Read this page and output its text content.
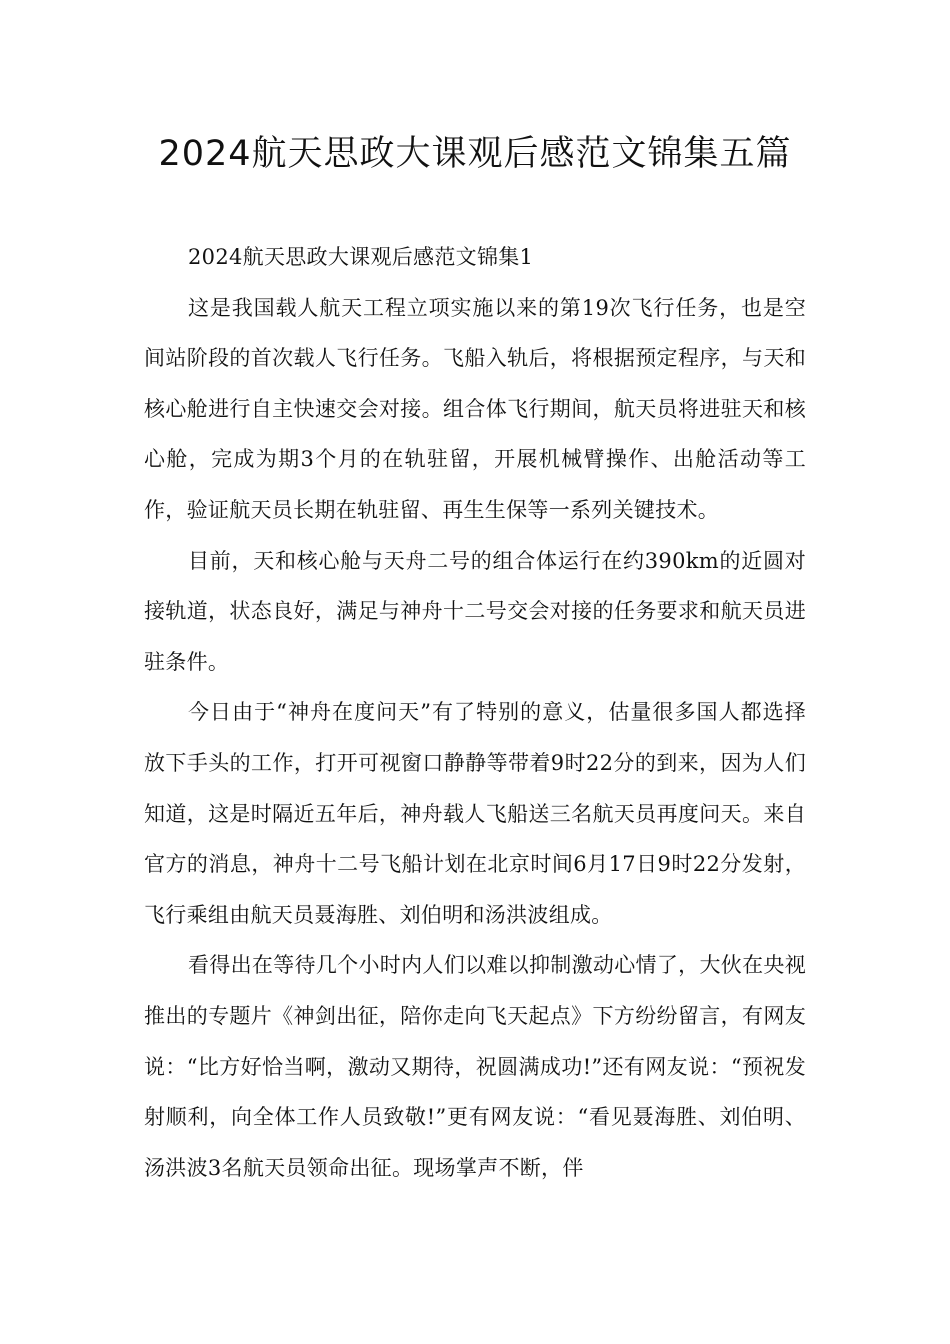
2024航天思政大课观后感范文锦集五篇

2024航天思政大课观后感范文锦集1

这是我国载人航天工程立项实施以来的第19次飞行任务，也是空间站阶段的首次载人飞行任务。飞船入轨后，将根据预定程序，与天和核心舱进行自主快速交会对接。组合体飞行期间，航天员将进驻天和核心舱，完成为期3个月的在轨驻留，开展机械臂操作、出舱活动等工作，验证航天员长期在轨驻留、再生生保等一系列关键技术。

目前，天和核心舱与天舟二号的组合体运行在约390km的近圆对接轨道，状态良好，满足与神舟十二号交会对接的任务要求和航天员进驻条件。

今日由于“神舟在度问天”有了特别的意义，估量很多国人都选择放下手头的工作，打开可视窗口静静等带着9时22分的到来，因为人们知道，这是时隔近五年后，神舟载人飞船送三名航天员再度问天。来自官方的消息，神舟十二号飞船计划在北京时间6月17日9时22分发射，飞行乘组由航天员聂海胜、刘伯明和汤洪波组成。

看得出在等待几个小时内人们以难以抑制激动心情了，大伙在央视推出的专题片《神剑出征，陪你走向飞天起点》下方纷纷留言，有网友说：“比方好恰当啊，激动又期待，祝圆满成功!”还有网友说：“预祝发射顺利，向全体工作人员致敬!”更有网友说：“看见聂海胜、刘伯明、汤洪波3名航天员领命出征。现场掌声不断，伴
